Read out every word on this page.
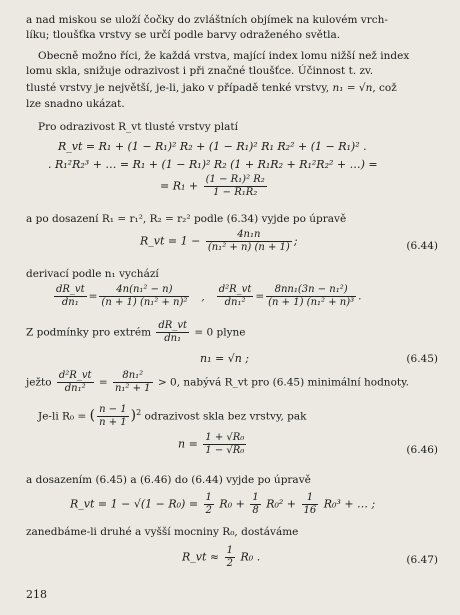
a nad miskou se uloží čočky do zvláštních objímek na kulovém vrch-
líku; tloušťka vrstvy se určí podle barvy odraženého světla.
Obecně možno říci, že každá vrstva, mající index lomu nižší než index
lomu skla, snižuje odrazivost i při značné tloušťce. Účinnost t. zv.
tlusté vrstvy je největší, je-li, jako v případě tenké vrstvy, n₁ = √n, což
lze snadno ukázat.
Pro odrazivost R_vt tlusté vrstvy platí
R_vt = R₁ + (1 − R₁)² R₂ + (1 − R₁)² R₁ R₂² + (1 − R₁)² .
. R₁²R₂³ + … = R₁ + (1 − R₁)² R₂ (1 + R₁R₂ + R₁²R₂² + …) =
= $R_1 + \frac{\text{(1 − R₁)² R₂}}{\text{1 − R₁R₂}}$
a po dosazení R₁ = r₁², R₂ = r₂² podle (6.34) vyjde po úpravě
R_vt = $1 - \frac{\text{4n₁n}}{\text{(n₁² + n) (n + 1)}}$ ;	(6.44)
derivací podle n₁ vychází
$\frac{dR\_vt}{\text{dn₁}} = \frac{\text{4n(n₁² − n)}}{\text{(n + 1) (n₁² + n)²}}$ , $\frac{\text{d²R\_vt}}{\text{dn₁²}} = \frac{\text{8nn₁(3n − n₁²)}}{\text{(n + 1) (n₁² + n)³}}$ .
Z podmínky pro extrém $\frac{dR\_vt}{\text{dn₁}} = 0$ plyne
n₁ = √n ;	(6.45)
ježto $\frac{\text{d²R\_vt}}{\text{dn₁²}} = \frac{\text{8n₁²}}{\text{n₁² + 1}} > 0$, nabývá R_vt pro (6.45) minimální hodnoty.
Je-li R₀ = ( $\frac{n - 1}{n + 1} )^2$ odrazivost skla bez vrstvy, pak
$n = \frac{\text{1 + √R₀}}{\text{1 − √R₀}}$	(6.46)
a dosazením (6.45) a (6.46) do (6.44) vyjde po úpravě
R_vt = $1 - √(1 - R_0) = \frac{1}{2} R_0 + \frac{1}{8} R_0^2 + \frac{1}{16} R_0^3$ + … ;
zanedbáme-li druhé a vyšší mocniny R₀, dostáváme
R_vt ≈ $\frac{1}{2} R_0$ .	(6.47)
218
